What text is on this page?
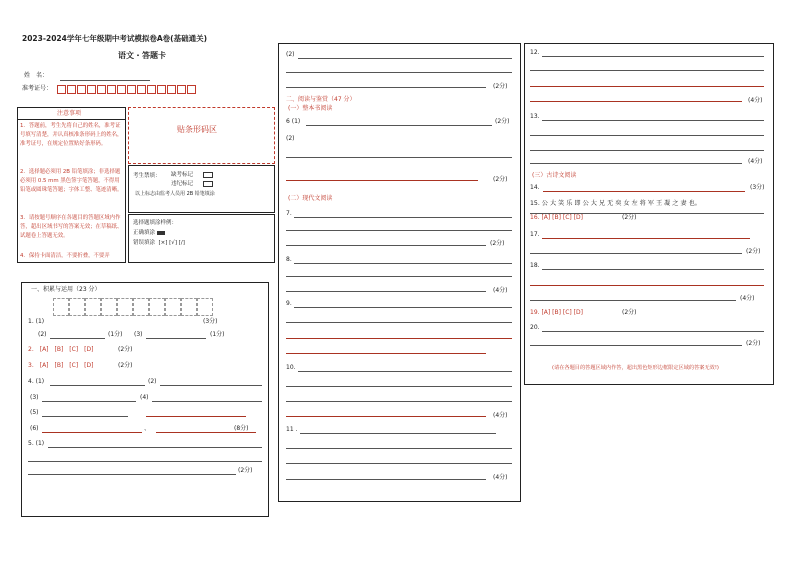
2023-2024学年七年级期中考试模拟卷A卷(基础通关)
语文・答题卡
姓　名：
准考证号：
注意事项
1．答题前，考生先将自己的姓名，准考证号填写清楚，并认真核准条形码上的姓名，准考证号，在规定位置贴好条形码。
2．选择题必须用 2B 铅笔填涂；非选择题必须用 0.5 mm 黑色签字笔答题，不得用铅笔或圆珠笔答题；字体工整、笔迹清晰。
3．请按题号顺序在各题目的答题区域内作答，超出区域书写的答案无效；在草稿纸、试题卷上答题无效。
4．保持卡面清洁，不要折叠，不要弄
贴条形码区
考生禁填： 缺考标记
违纪标记
以上标志由监考人员用 2B 铅笔填涂
选择题填涂样例：
正确填涂
错误填涂 [×] [√] [/]
一、积累与运用（23 分）
1. (1)	(3分)
(2)	(1分) (3)	(1分)
2.　[A]　[B]　[C]　[D]	(2分)
3.　[A]　[B]　[C]　[D]	(2分)
4. (1)	(2)
(3)	(4)
(5)
(6)	、	(8分)
5. (1)
(2分)
(2)
(2分)
二、阅读与鉴赏（47 分）
(一）整本书阅读
6 (1)	(2分)
(2)
(2分)
(二）现代文阅读
7.
(2分)
8.
(4分)
9.
10.
(4分)
11 .
(4分)
12.
(4分)
13.
(4分)
(三）古诗文阅读
14.	(3分)
15. 公 大 笑 乐 即 公 大 兄 无 奕 女 左 将 军 王 凝 之 妻 也。
16. [A] [B] [C] [D]	(2分)
17.
(2分)
18.
(4分)
19. [A] [B] [C] [D]	(2分)
20.
(2分)
(请在各题目的答题区域内作答，超出黑色矩形边框限定区域的答案无效!)
